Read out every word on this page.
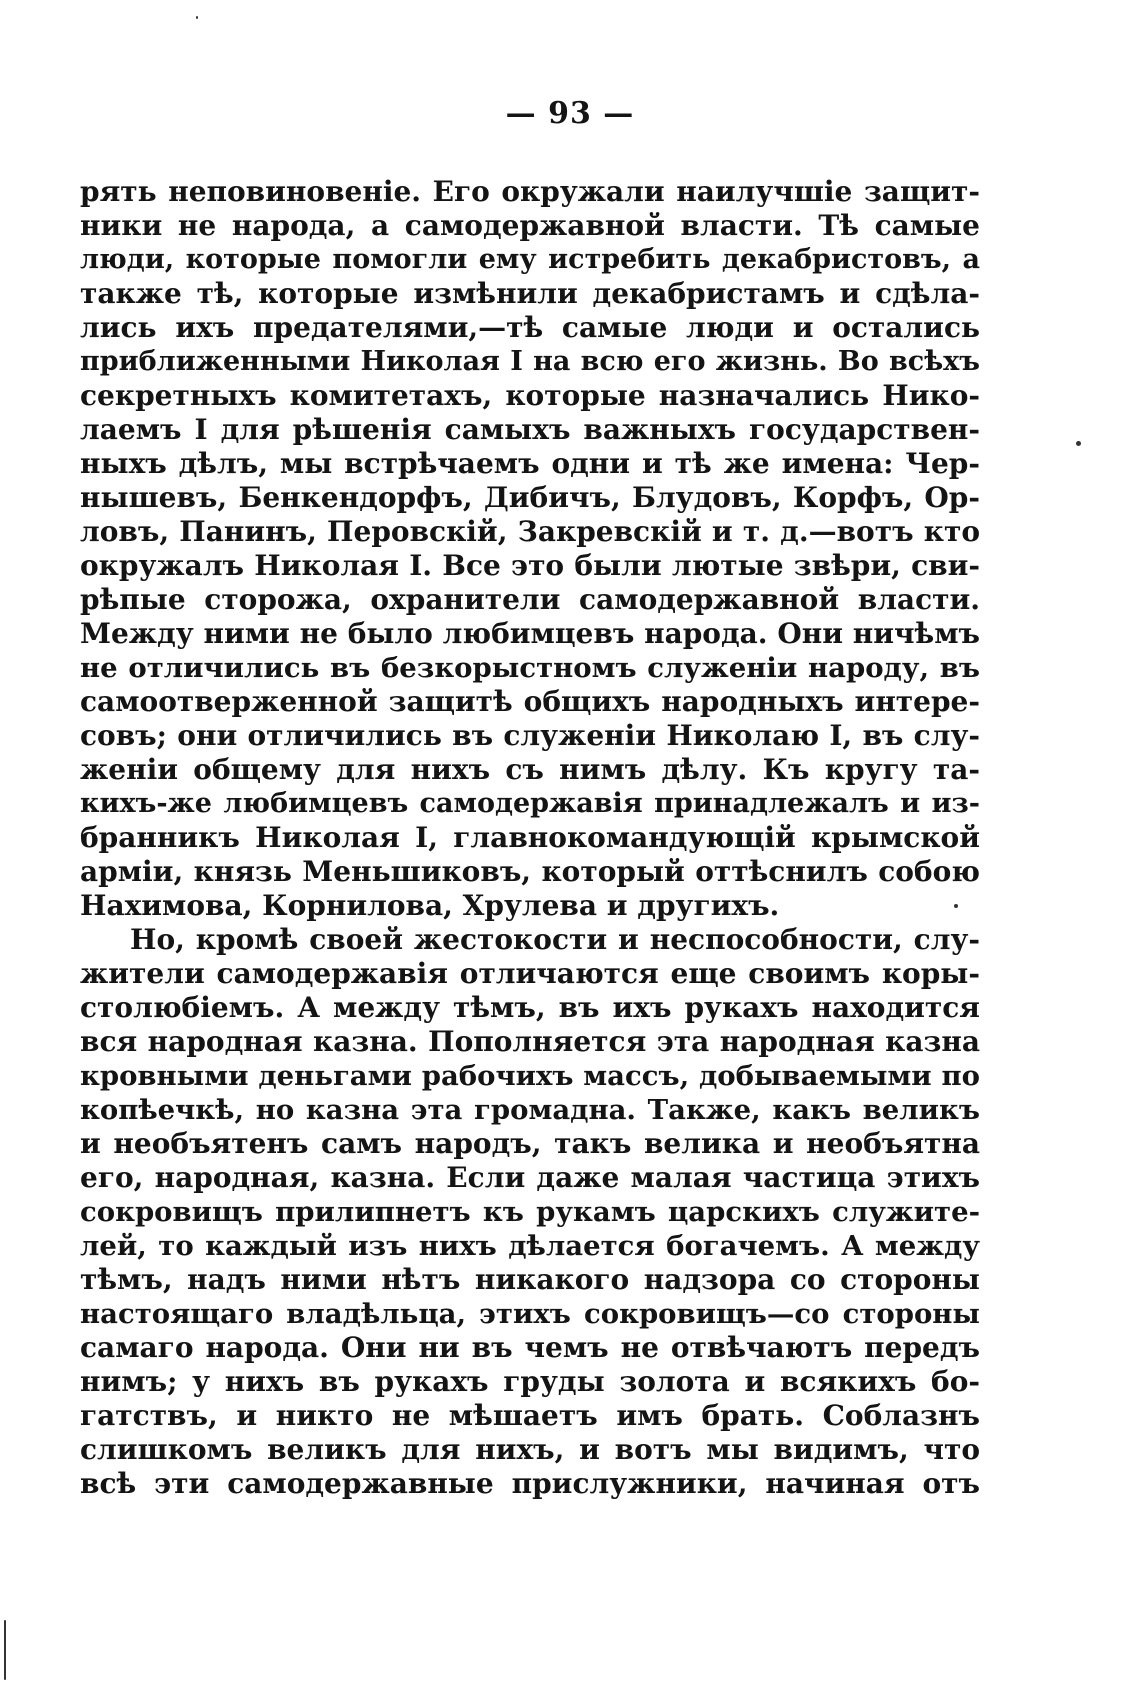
— 93 —
рять неповиновеніе. Его окружали наилучшіе защит-
ники не народа, а самодержавной власти. Тѣ самые
люди, которые помогли ему истребить декабристовъ, а
также тѣ, которые измѣнили декабристамъ и сдѣла-
лись ихъ предателями,—тѣ самые люди и остались
приближенными Николая I на всю его жизнь. Во всѣхъ
секретныхъ комитетахъ, которые назначались Нико-
лаемъ I для рѣшенія самыхъ важныхъ государствен-
ныхъ дѣлъ, мы встрѣчаемъ одни и тѣ же имена: Чер-
нышевъ, Бенкендорфъ, Дибичъ, Блудовъ, Корфъ, Ор-
ловъ, Панинъ, Перовскій, Закревскій и т. д.—вотъ кто
окружалъ Николая I. Все это были лютые звѣри, сви-
рѣпые сторожа, охранители самодержавной власти.
Между ними не было любимцевъ народа. Они ничѣмъ
не отличились въ безкорыстномъ служеніи народу, въ
самоотверженной защитѣ общихъ народныхъ интере-
совъ; они отличились въ служеніи Николаю I, въ слу-
женіи общему для нихъ съ нимъ дѣлу. Къ кругу та-
кихъ-же любимцевъ самодержавія принадлежалъ и из-
бранникъ Николая I, главнокомандующій крымской
арміи, князь Меньшиковъ, который оттѣснилъ собою
Нахимова, Корнилова, Хрулева и другихъ.
Но, кромѣ своей жестокости и неспособности, слу-
жители самодержавія отличаются еще своимъ коры-
столюбіемъ. А между тѣмъ, въ ихъ рукахъ находится
вся народная казна. Пополняется эта народная казна
кровными деньгами рабочихъ массъ, добываемыми по
копѣечкѣ, но казна эта громадна. Также, какъ великъ
и необъятенъ самъ народъ, такъ велика и необъятна
его, народная, казна. Если даже малая частица этихъ
сокровищъ прилипнетъ къ рукамъ царскихъ служите-
лей, то каждый изъ нихъ дѣлается богачемъ. А между
тѣмъ, надъ ними нѣтъ никакого надзора со стороны
настоящаго владѣльца, этихъ сокровищъ—со стороны
самаго народа. Они ни въ чемъ не отвѣчаютъ передъ
нимъ; у нихъ въ рукахъ груды золота и всякихъ бо-
гатствъ, и никто не мѣшаетъ имъ брать. Соблазнъ
слишкомъ великъ для нихъ, и вотъ мы видимъ, что
всѣ эти самодержавные прислужники, начиная отъ
